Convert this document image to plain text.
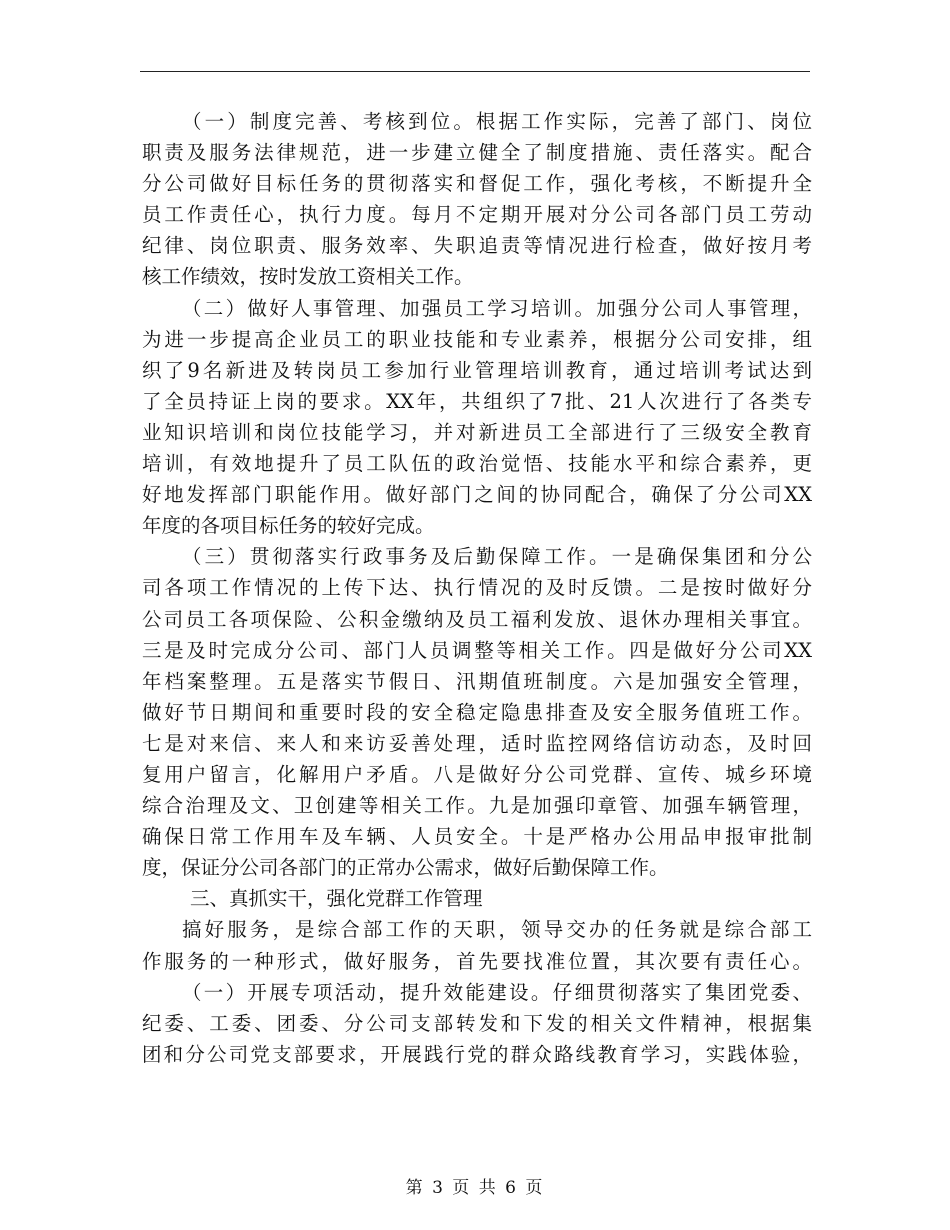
（一）制度完善、考核到位。根据工作实际，完善了部门、岗位
职责及服务法律规范，进一步建立健全了制度措施、责任落实。配合
分公司做好目标任务的贯彻落实和督促工作，强化考核，不断提升全
员工作责任心，执行力度。每月不定期开展对分公司各部门员工劳动
纪律、岗位职责、服务效率、失职追责等情况进行检查，做好按月考
核工作绩效，按时发放工资相关工作。
（二）做好人事管理、加强员工学习培训。加强分公司人事管理，
为进一步提高企业员工的职业技能和专业素养，根据分公司安排，组
织了9名新进及转岗员工参加行业管理培训教育，通过培训考试达到
了全员持证上岗的要求。XX年，共组织了7批、21人次进行了各类专
业知识培训和岗位技能学习，并对新进员工全部进行了三级安全教育
培训，有效地提升了员工队伍的政治觉悟、技能水平和综合素养，更
好地发挥部门职能作用。做好部门之间的协同配合，确保了分公司XX
年度的各项目标任务的较好完成。
（三）贯彻落实行政事务及后勤保障工作。一是确保集团和分公
司各项工作情况的上传下达、执行情况的及时反馈。二是按时做好分
公司员工各项保险、公积金缴纳及员工福利发放、退休办理相关事宜。
三是及时完成分公司、部门人员调整等相关工作。四是做好分公司XX
年档案整理。五是落实节假日、汛期值班制度。六是加强安全管理，
做好节日期间和重要时段的安全稳定隐患排查及安全服务值班工作。
七是对来信、来人和来访妥善处理，适时监控网络信访动态，及时回
复用户留言，化解用户矛盾。八是做好分公司党群、宣传、城乡环境
综合治理及文、卫创建等相关工作。九是加强印章管、加强车辆管理，
确保日常工作用车及车辆、人员安全。十是严格办公用品申报审批制
度，保证分公司各部门的正常办公需求，做好后勤保障工作。
三、真抓实干，强化党群工作管理
搞好服务，是综合部工作的天职，领导交办的任务就是综合部工
作服务的一种形式，做好服务，首先要找准位置，其次要有责任心。
（一）开展专项活动，提升效能建设。仔细贯彻落实了集团党委、
纪委、工委、团委、分公司支部转发和下发的相关文件精神，根据集
团和分公司党支部要求，开展践行党的群众路线教育学习，实践体验，
第 3 页 共 6 页
